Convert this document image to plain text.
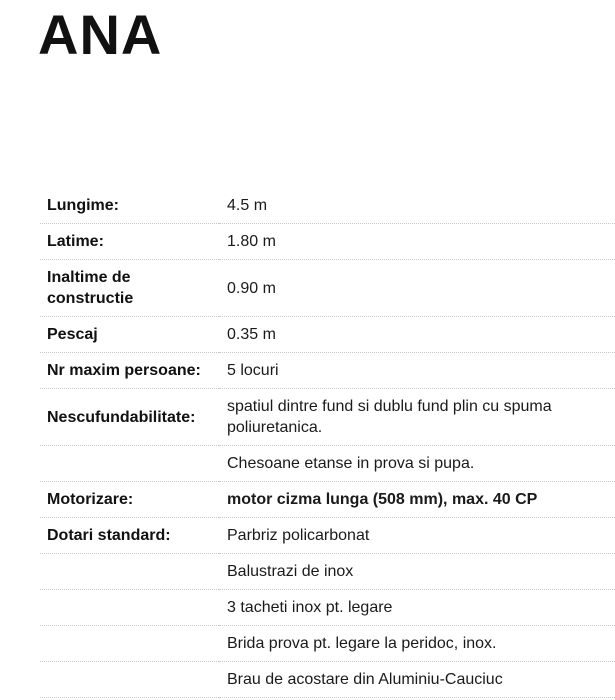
ANA
Lungime:	4.5 m
Latime:	1.80 m
Inaltime de constructie	0.90 m
Pescaj	0.35 m
Nr maxim persoane:	5 locuri
Nescufundabilitate:	spatiul dintre fund si dublu fund plin cu spuma poliuretanica.
	Chesoane etanse in prova si pupa.
Motorizare:	motor cizma lunga (508 mm), max. 40 CP
Dotari standard:	Parbriz policarbonat
	Balustrazi de inox
	3 tacheti inox pt. legare
	Brida prova pt. legare la peridoc, inox.
	Brau de acostare din Aluminiu-Cauciuc
